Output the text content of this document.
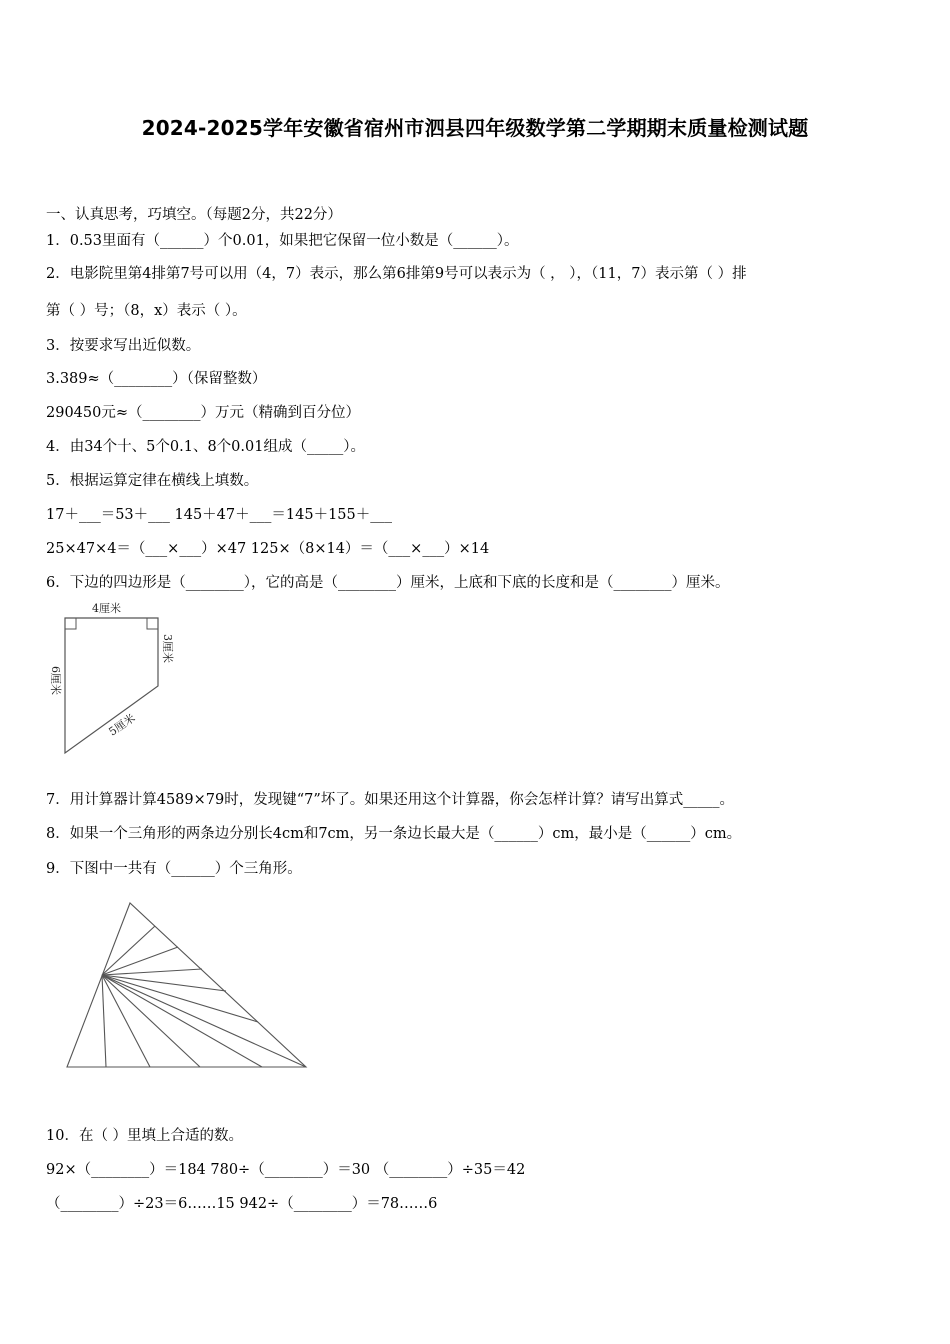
2024-2025学年安徽省宿州市泗县四年级数学第二学期期末质量检测试题
一、认真思考，巧填空。（每题2分，共22分）
1．0.53里面有（______）个0.01，如果把它保留一位小数是（______）。
2．电影院里第4排第7号可以用（4，7）表示，那么第6排第9号可以表示为（ ， ），（11，7）表示第（ ）排
第（ ）号；（8，x）表示（ ）。
3．按要求写出近似数。
3.389≈（________）（保留整数）
290450元≈（________）万元（精确到百分位）
4．由34个十、5个0.1、8个0.01组成（_____）。
5．根据运算定律在横线上填数。
17＋___＝53＋___ 145＋47＋___＝145＋155＋___
25×47×4＝（___×___）×47 125×（8×14）＝（___×___）×14
6．下边的四边形是（________），它的高是（________）厘米，上底和下底的长度和是（________）厘米。
4厘米
3厘米
6厘米
5厘米
7．用计算器计算4589×79时，发现键“7”坏了。如果还用这个计算器，你会怎样计算？请写出算式_____。
8．如果一个三角形的两条边分别长4cm和7cm，另一条边长最大是（______）cm，最小是（______）cm。
9．下图中一共有（______）个三角形。
10．在（ ）里填上合适的数。
92×（________）＝184 780÷（________）＝30 （________）÷35＝42
（________）÷23＝6……15 942÷（________）＝78……6
